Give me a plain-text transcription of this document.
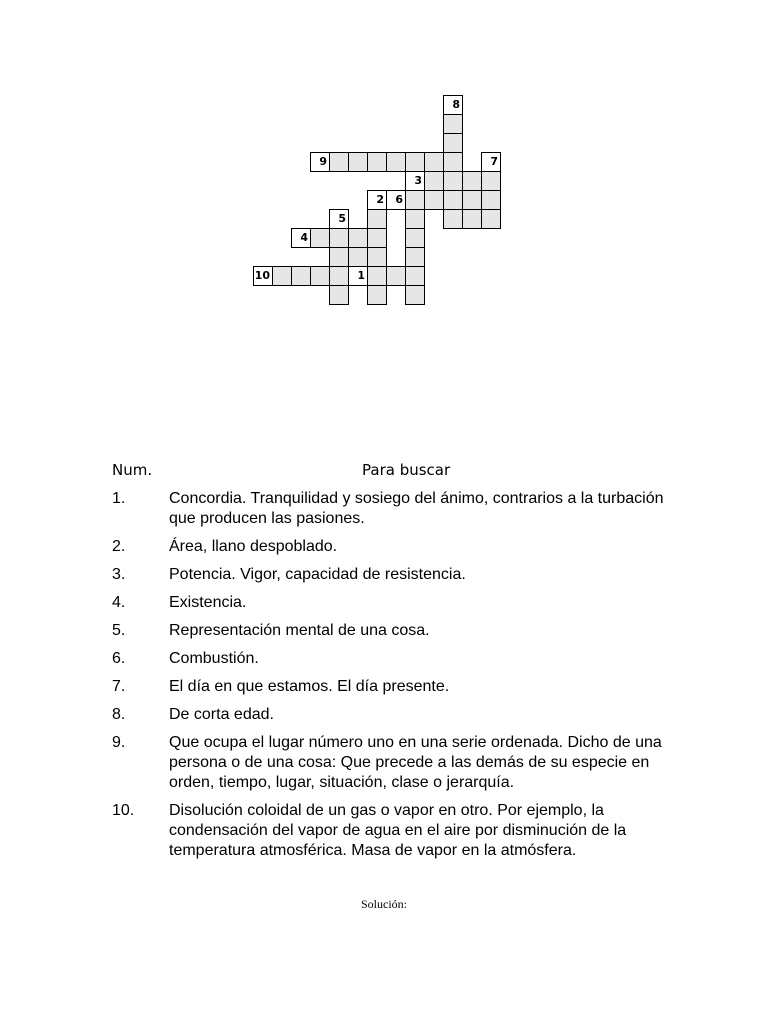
8
9	7
3
2 6
5
4
10	1
Num.	Para buscar
1.	Concordia. Tranquilidad y sosiego del ánimo, contrarios a la turbación que producen las pasiones.
2.	Área, llano despoblado.
3.	Potencia. Vigor, capacidad de resistencia.
4.	Existencia.
5.	Representación mental de una cosa.
6.	Combustión.
7.	El día en que estamos. El día presente.
8.	De corta edad.
9.	Que ocupa el lugar número uno en una serie ordenada. Dicho de una persona o de una cosa: Que precede a las demás de su especie en orden, tiempo, lugar, situación, clase o jerarquía.
10.	Disolución coloidal de un gas o vapor en otro. Por ejemplo, la condensación del vapor de agua en el aire por disminución de la temperatura atmosférica. Masa de vapor en la atmósfera.
Solución:
